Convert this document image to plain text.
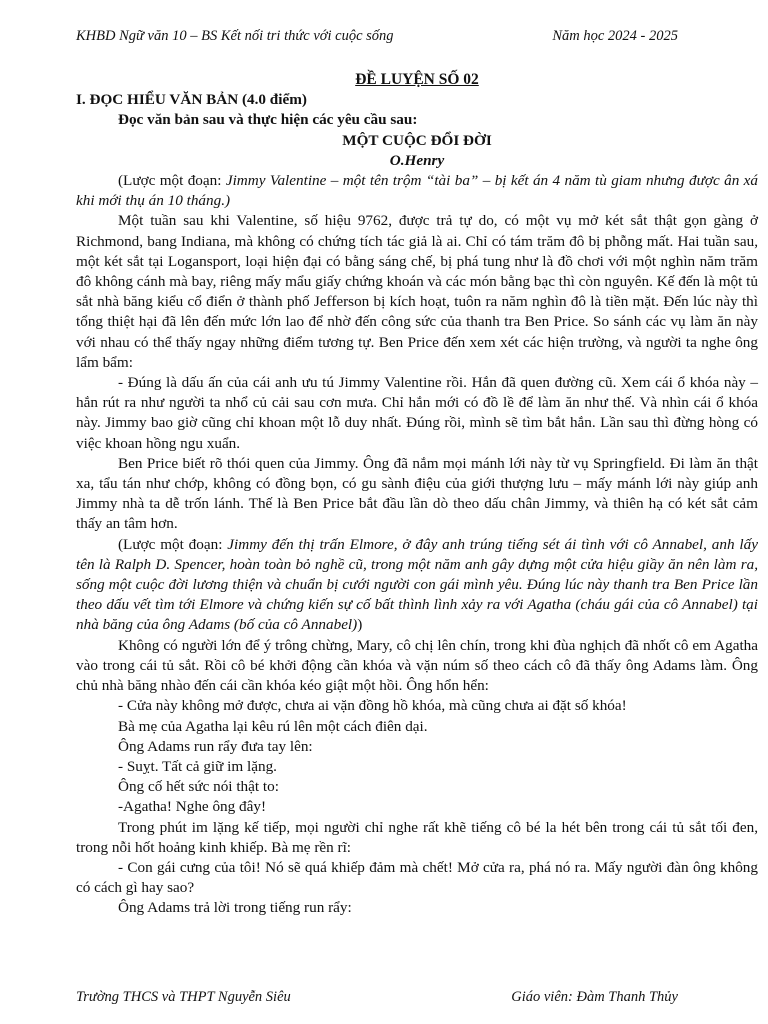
KHBD Ngữ văn 10 – BS Kết nối tri thức với cuộc sống	Năm học 2024 - 2025

ĐỀ LUYỆN SỐ 02

I. ĐỌC HIỂU VĂN BẢN (4.0 điểm)

Đọc văn bản sau và thực hiện các yêu cầu sau:

MỘT CUỘC ĐỔI ĐỜI

O.Henry

(Lược một đoạn: Jimmy Valentine – một tên trộm “tài ba” – bị kết án 4 năm tù giam nhưng được ân xá khi mới thụ án 10 tháng.)

Một tuần sau khi Valentine, số hiệu 9762, được trả tự do, có một vụ mở két sắt thật gọn gàng ở Richmond, bang Indiana, mà không có chứng tích tác giả là ai. Chỉ có tám trăm đô bị phỗng mất. Hai tuần sau, một két sắt tại Logansport, loại hiện đại có bằng sáng chế, bị phá tung như là đồ chơi với một nghìn năm trăm đô không cánh mà bay, riêng mấy mẩu giấy chứng khoán và các món bằng bạc thì còn nguyên. Kế đến là một tủ sắt nhà băng kiểu cổ điển ở thành phố Jefferson bị kích hoạt, tuôn ra năm nghìn đô là tiền mặt. Đến lúc này thì tổng thiệt hại đã lên đến mức lớn lao để nhờ đến công sức của thanh tra Ben Price. So sánh các vụ làm ăn này với nhau có thể thấy ngay những điểm tương tự. Ben Price đến xem xét các hiện trường, và người ta nghe ông lẩm bẩm:

- Đúng là dấu ấn của cái anh ưu tú Jimmy Valentine rồi. Hắn đã quen đường cũ. Xem cái ổ khóa này – hắn rút ra như người ta nhổ củ cải sau cơn mưa. Chỉ hắn mới có đồ lề để làm ăn như thế. Và nhìn cái ổ khóa này. Jimmy bao giờ cũng chỉ khoan một lỗ duy nhất. Đúng rồi, mình sẽ tìm bắt hắn. Lần sau thì đừng hòng có việc khoan hồng ngu xuẩn.

Ben Price biết rõ thói quen của Jimmy. Ông đã nắm mọi mánh lới này từ vụ Springfield. Đi làm ăn thật xa, tẩu tán như chớp, không có đồng bọn, có gu sành điệu của giới thượng lưu – mấy mánh lới này giúp anh Jimmy nhà ta dễ trốn lánh. Thế là Ben Price bắt đầu lần dò theo dấu chân Jimmy, và thiên hạ có két sắt cảm thấy an tâm hơn.

(Lược một đoạn: Jimmy đến thị trấn Elmore, ở đây anh trúng tiếng sét ái tình với cô Annabel, anh lấy tên là Ralph D. Spencer, hoàn toàn bỏ nghề cũ, trong một năm anh gây dựng một cửa hiệu giầy ăn nên làm ra, sống một cuộc đời lương thiện và chuẩn bị cưới người con gái mình yêu. Đúng lúc này thanh tra Ben Price lần theo dấu vết tìm tới Elmore và chứng kiến sự cố bất thình lình xảy ra với Agatha (cháu gái của cô Annabel) tại nhà băng của ông Adams (bố của cô Annabel))

Không có người lớn để ý trông chừng, Mary, cô chị lên chín, trong khi đùa nghịch đã nhốt cô em Agatha vào trong cái tủ sắt. Rồi cô bé khởi động cần khóa và vặn núm số theo cách cô đã thấy ông Adams làm. Ông chủ nhà băng nhào đến cái cần khóa kéo giật một hồi. Ông hổn hển:

- Cửa này không mở được, chưa ai vặn đồng hồ khóa, mà cũng chưa ai đặt số khóa!

Bà mẹ của Agatha lại kêu rú lên một cách điên dại.

Ông Adams run rẩy đưa tay lên:

- Suỵt. Tất cả giữ im lặng.

Ông cố hết sức nói thật to:

-Agatha! Nghe ông đây!

Trong phút im lặng kế tiếp, mọi người chỉ nghe rất khẽ tiếng cô bé la hét bên trong cái tủ sắt tối đen, trong nỗi hốt hoảng kinh khiếp. Bà mẹ rền rĩ:

- Con gái cưng của tôi! Nó sẽ quá khiếp đảm mà chết! Mở cửa ra, phá nó ra. Mấy người đàn ông không có cách gì hay sao?

Ông Adams trả lời trong tiếng run rẩy:

Trường THCS và THPT Nguyễn Siêu	Giáo viên: Đàm Thanh Thủy
